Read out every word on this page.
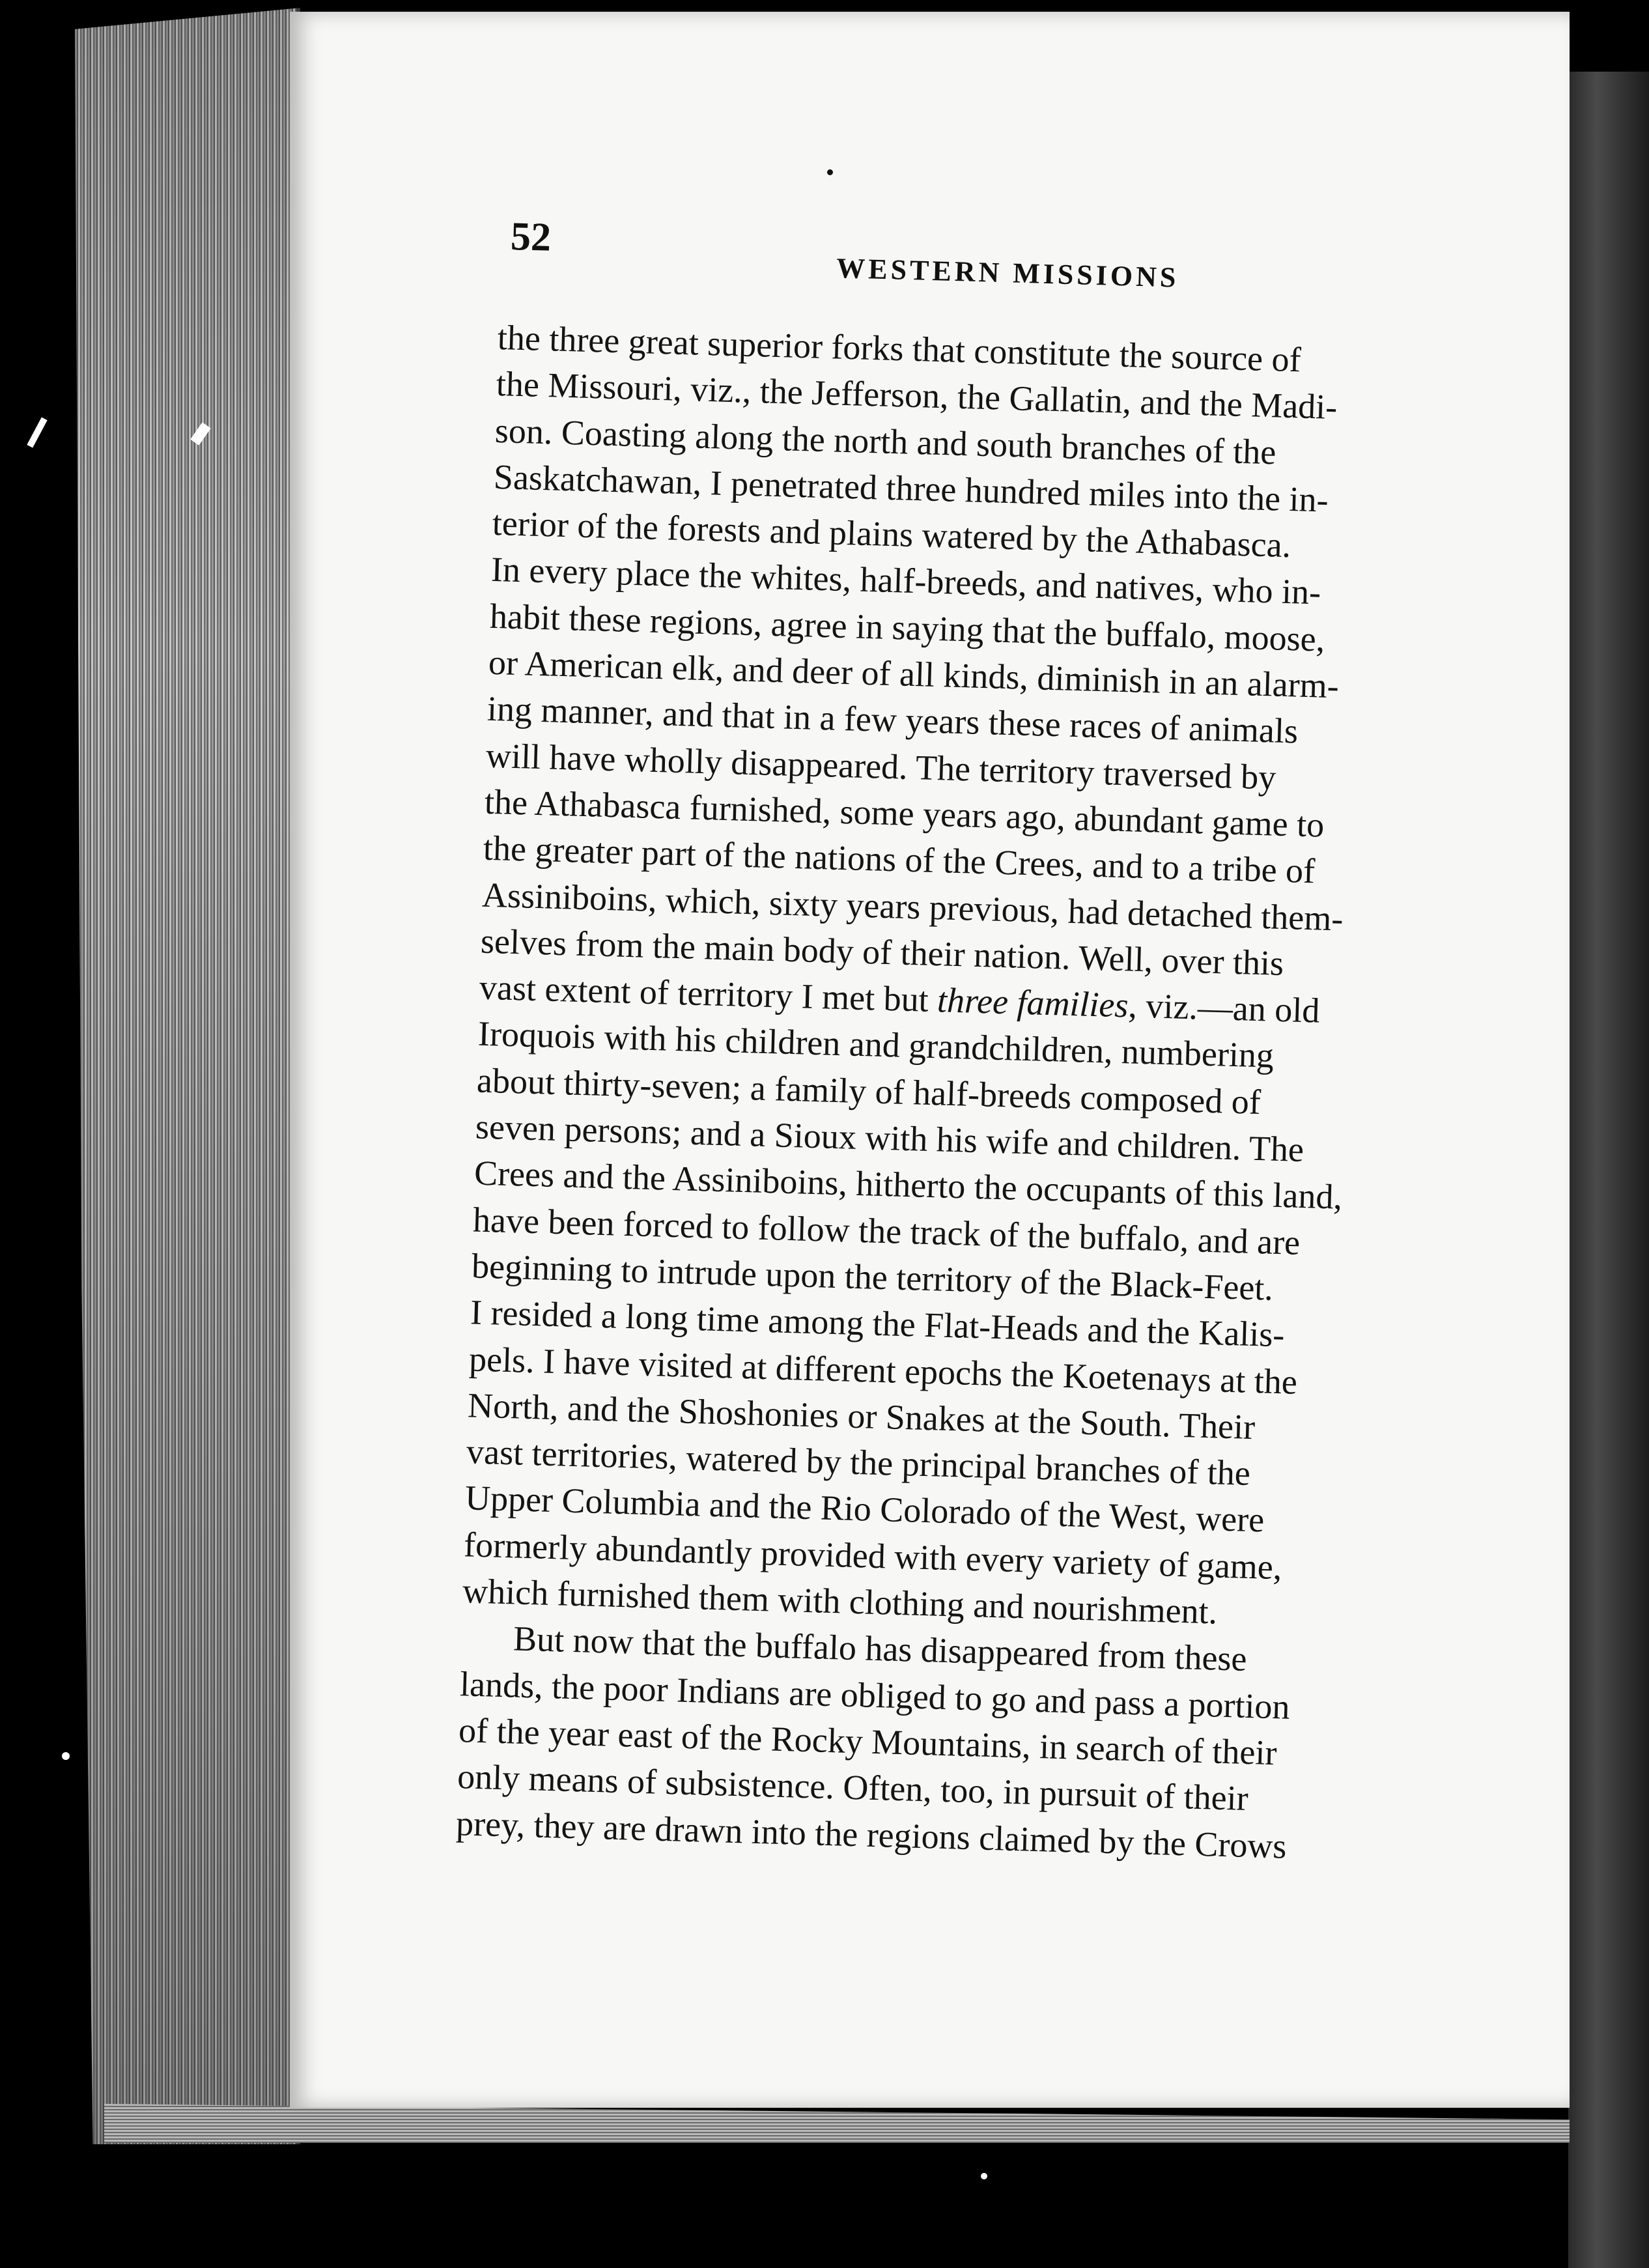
52
WESTERN MISSIONS
the three great superior forks that constitute the source of
the Missouri, viz., the Jefferson, the Gallatin, and the Madi-
son. Coasting along the north and south branches of the
Saskatchawan, I penetrated three hundred miles into the in-
terior of the forests and plains watered by the Athabasca.
In every place the whites, half-breeds, and natives, who in-
habit these regions, agree in saying that the buffalo, moose,
or American elk, and deer of all kinds, diminish in an alarm-
ing manner, and that in a few years these races of animals
will have wholly disappeared. The territory traversed by
the Athabasca furnished, some years ago, abundant game to
the greater part of the nations of the Crees, and to a tribe of
Assiniboins, which, sixty years previous, had detached them-
selves from the main body of their nation. Well, over this
vast extent of territory I met but three families, viz.—an old
Iroquois with his children and grandchildren, numbering
about thirty-seven; a family of half-breeds composed of
seven persons; and a Sioux with his wife and children. The
Crees and the Assiniboins, hitherto the occupants of this land,
have been forced to follow the track of the buffalo, and are
beginning to intrude upon the territory of the Black-Feet.
I resided a long time among the Flat-Heads and the Kalis-
pels. I have visited at different epochs the Koetenays at the
North, and the Shoshonies or Snakes at the South. Their
vast territories, watered by the principal branches of the
Upper Columbia and the Rio Colorado of the West, were
formerly abundantly provided with every variety of game,
which furnished them with clothing and nourishment.
But now that the buffalo has disappeared from these
lands, the poor Indians are obliged to go and pass a portion
of the year east of the Rocky Mountains, in search of their
only means of subsistence. Often, too, in pursuit of their
prey, they are drawn into the regions claimed by the Crows
